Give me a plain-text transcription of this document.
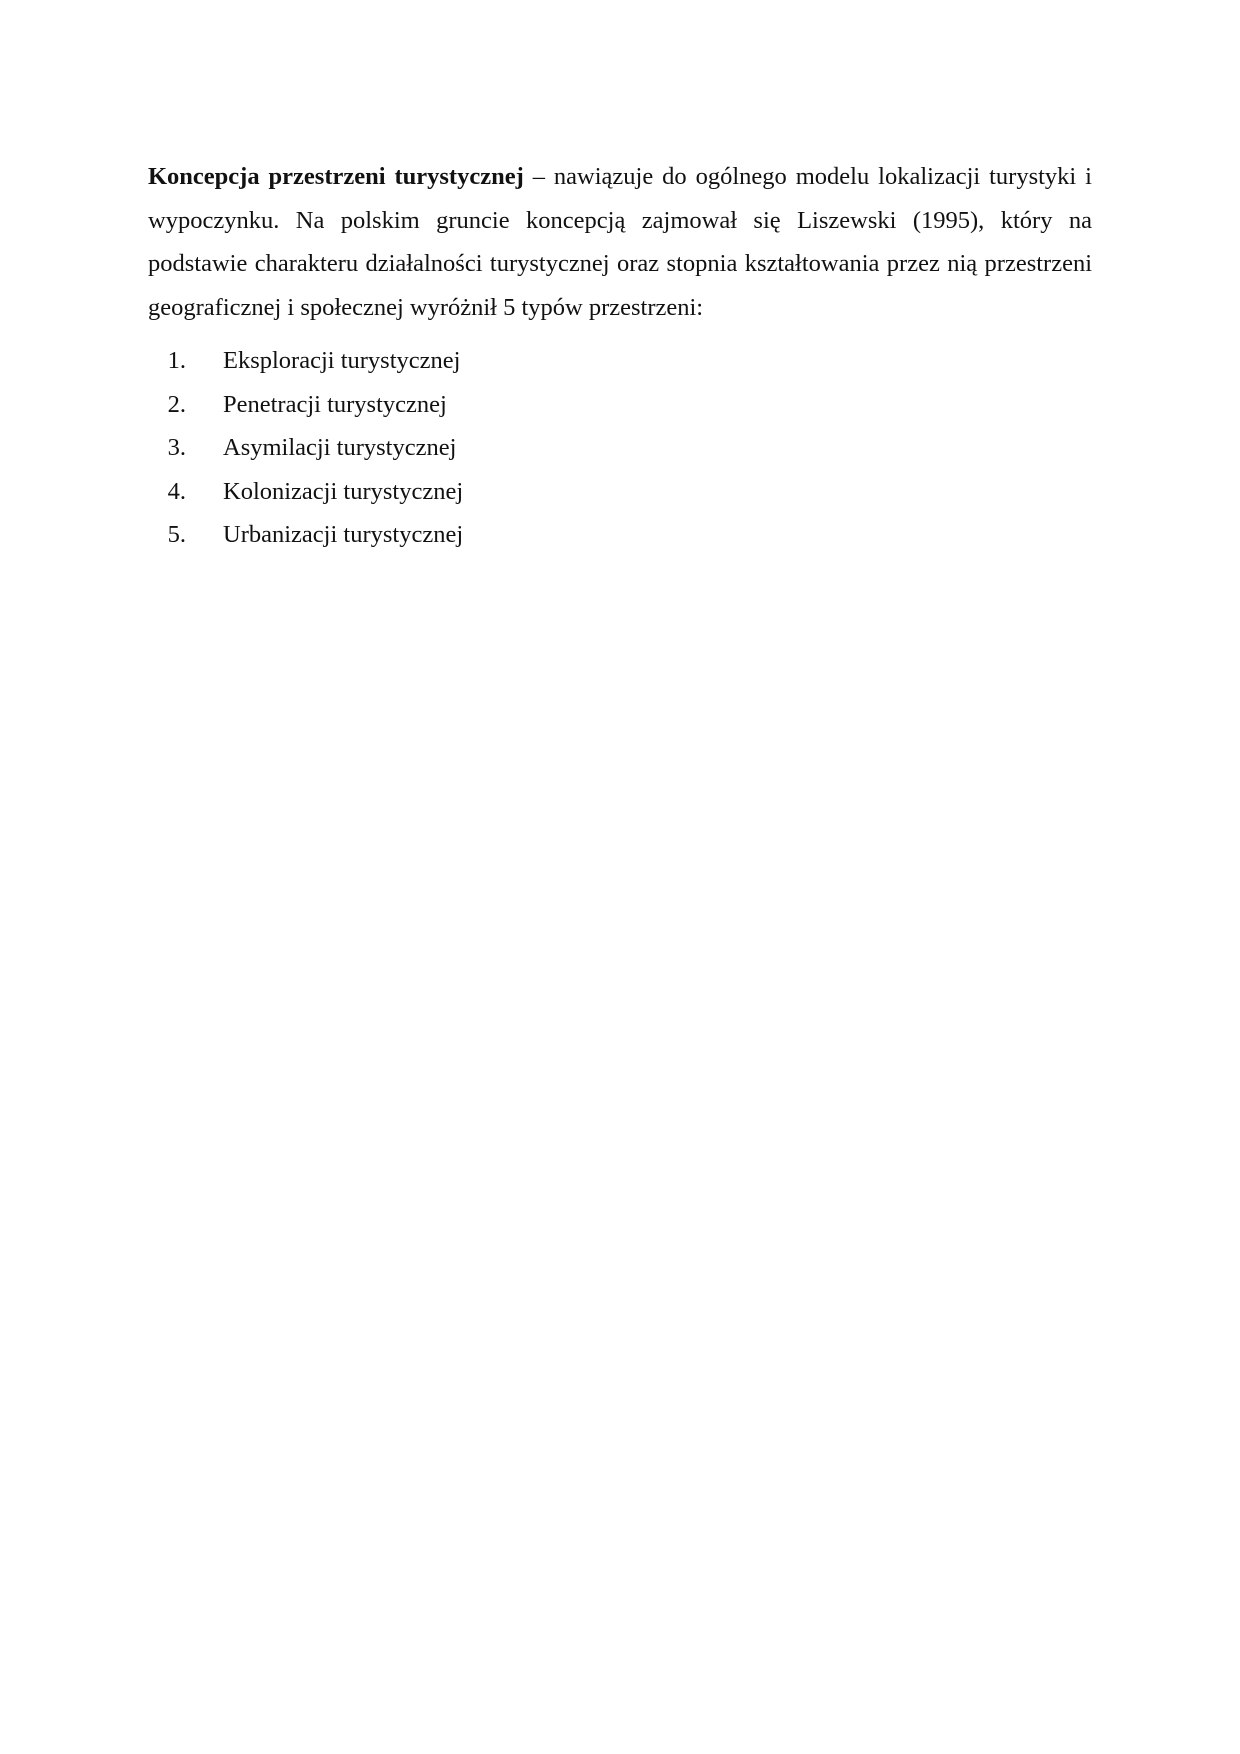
Koncepcja przestrzeni turystycznej – nawiązuje do ogólnego modelu lokalizacji turystyki i wypoczynku. Na polskim gruncie koncepcją zajmował się Liszewski (1995), który na podstawie charakteru działalności turystycznej oraz stopnia kształtowania przez nią przestrzeni geograficznej i społecznej wyróżnił 5 typów przestrzeni:

1. Eksploracji turystycznej
2. Penetracji turystycznej
3. Asymilacji turystycznej
4. Kolonizacji turystycznej
5. Urbanizacji turystycznej
